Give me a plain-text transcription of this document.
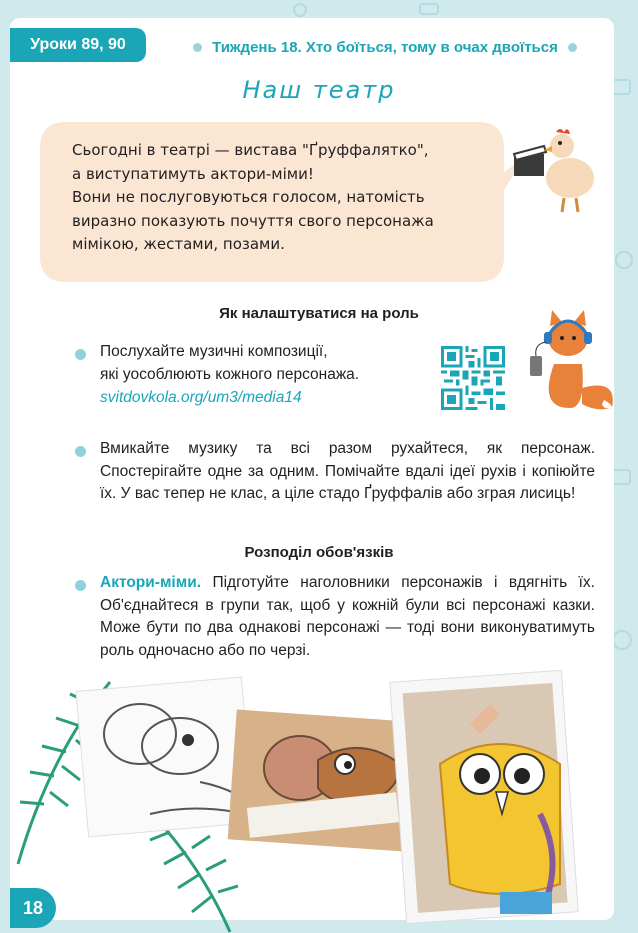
Уроки 89, 90	Тиждень 18. Хто боїться, тому в очах двоїться
Наш театр
Сьогодні в театрі — вистава "Ґруффалятко",
а виступатимуть актори-міми!
Вони не послуговуються голосом, натомість
виразно показують почуття свого персонажа
мімікою, жестами, позами.
Як налаштуватися на роль
Послухайте музичні композиції,
які уособлюють кожного персонажа.
svitdovkola.org/um3/media14
Вмикайте музику та всі разом рухайтеся, як персонаж. Спостерігайте одне за одним. Помічайте вдалі ідеї рухів і копіюйте їх. У вас тепер не клас, а ціле стадо Ґруффалів або зграя лисиць!
Розподіл обов'язків
Актори-міми. Підготуйте наголовники персонажів і вдягніть їх. Об'єднайтеся в групи так, щоб у кожній були всі персонажі казки. Може бути по два однакові персонажі — тоді вони виконуватимуть роль одночасно або по черзі.
18
